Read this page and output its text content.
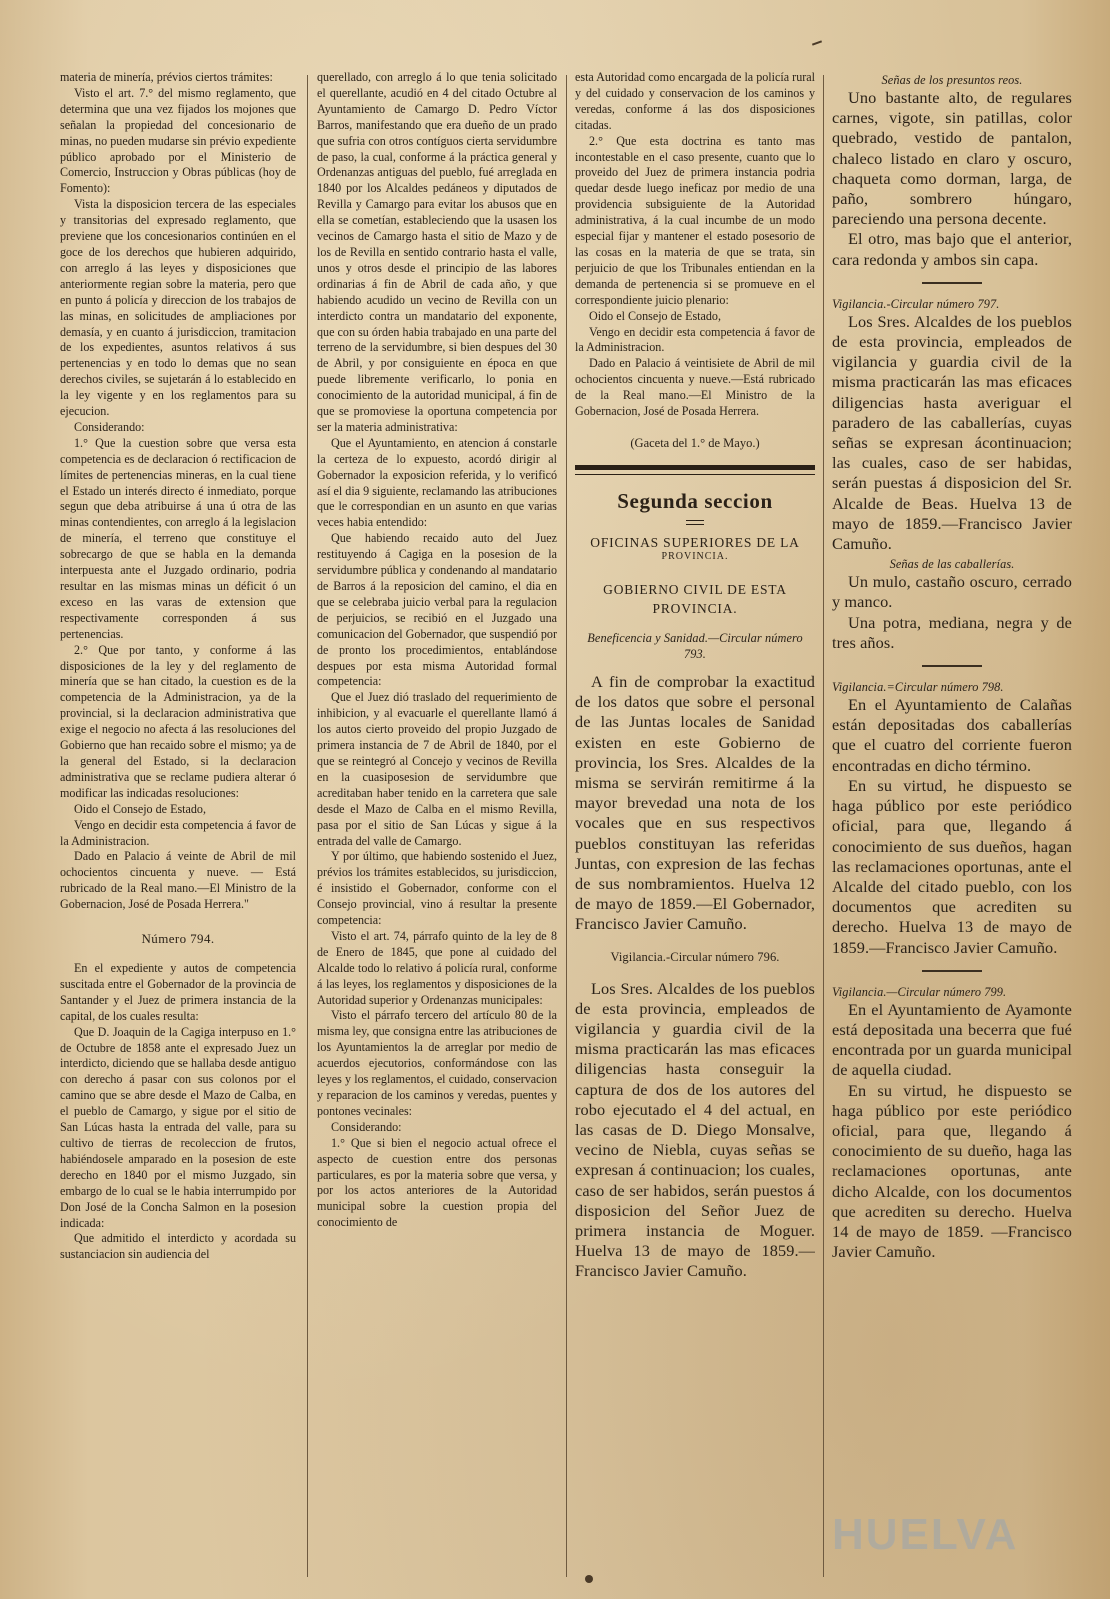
materia de minería, prévios ciertos trámites:

Visto el art. 7.° del mismo reglamento, que determina que una vez fijados los mojones que señalan la propiedad del concesionario de minas, no pueden mudarse sin prévio expediente público aprobado por el Ministerio de Comercio, Instruccion y Obras públicas (hoy de Fomento):

Vista la disposicion tercera de las especiales y transitorias del expresado reglamento, que previene que los concesionarios continúen en el goce de los derechos que hubieren adquirido, con arreglo á las leyes y disposiciones que anteriormente regian sobre la materia, pero que en punto á policía y direccion de los trabajos de las minas, en solicitudes de ampliaciones por demasía, y en cuanto á jurisdiccion, tramitacion de los expedientes, asuntos relativos á sus pertenencias y en todo lo demas que no sean derechos civiles, se sujetarán á lo establecido en la ley vigente y en los reglamentos para su ejecucion.

Considerando:

1.° Que la cuestion sobre que versa esta competencia es de declaracion ó rectificacion de límites de pertenencias mineras, en la cual tiene el Estado un interés directo é inmediato, porque segun que deba atribuirse á una ú otra de las minas contendientes, con arreglo á la legislacion de minería, el terreno que constituye el sobrecargo de que se habla en la demanda interpuesta ante el Juzgado ordinario, podria resultar en las mismas minas un déficit ó un exceso en las varas de extension que respectivamente corresponden á sus pertenencias.

2.° Que por tanto, y conforme á las disposiciones de la ley y del reglamento de minería que se han citado, la cuestion es de la competencia de la Administracion, ya de la provincial, si la declaracion administrativa que exige el negocio no afecta á las resoluciones del Gobierno que han recaido sobre el mismo; ya de la general del Estado, si la declaracion administrativa que se reclame pudiera alterar ó modificar las indicadas resoluciones:

Oido el Consejo de Estado,

Vengo en decidir esta competencia á favor de la Administracion.

Dado en Palacio á veinte de Abril de mil ochocientos cincuenta y nueve. — Está rubricado de la Real mano.—El Ministro de la Gobernacion, José de Posada Herrera."

Número 794.

En el expediente y autos de competencia suscitada entre el Gobernador de la provincia de Santander y el Juez de primera instancia de la capital, de los cuales resulta:

Que D. Joaquin de la Cagiga interpuso en 1.° de Octubre de 1858 ante el expresado Juez un interdicto, diciendo que se hallaba desde antiguo con derecho á pasar con sus colonos por el camino que se abre desde el Mazo de Calba, en el pueblo de Camargo, y sigue por el sitio de San Lúcas hasta la entrada del valle, para su cultivo de tierras de recoleccion de frutos, habiéndosele amparado en la posesion de este derecho en 1840 por el mismo Juzgado, sin embargo de lo cual se le habia interrumpido por Don José de la Concha Salmon en la posesion indicada:

Que admitido el interdicto y acordada su sustanciacion sin audiencia del

querellado, con arreglo á lo que tenia solicitado el querellante, acudió en 4 del citado Octubre al Ayuntamiento de Camargo D. Pedro Víctor Barros, manifestando que era dueño de un prado que sufria con otros contíguos cierta servidumbre de paso, la cual, conforme á la práctica general y Ordenanzas antiguas del pueblo, fué arreglada en 1840 por los Alcaldes pedáneos y diputados de Revilla y Camargo para evitar los abusos que en ella se cometían, estableciendo que la usasen los vecinos de Camargo hasta el sitio de Mazo y de los de Revilla en sentido contrario hasta el valle, unos y otros desde el principio de las labores ordinarias á fin de Abril de cada año, y que habiendo acudido un vecino de Revilla con un interdicto contra un mandatario del exponente, que con su órden habia trabajado en una parte del terreno de la servidumbre, si bien despues del 30 de Abril, y por consiguiente en época en que puede libremente verificarlo, lo ponia en conocimiento de la autoridad municipal, á fin de que se promoviese la oportuna competencia por ser la materia administrativa:

Que el Ayuntamiento, en atencion á constarle la certeza de lo expuesto, acordó dirigir al Gobernador la exposicion referida, y lo verificó así el dia 9 siguiente, reclamando las atribuciones que le correspondian en un asunto en que varias veces habia entendido:

Que habiendo recaido auto del Juez restituyendo á Cagiga en la posesion de la servidumbre pública y condenando al mandatario de Barros á la reposicion del camino, el dia en que se celebraba juicio verbal para la regulacion de perjuicios, se recibió en el Juzgado una comunicacion del Gobernador, que suspendió por de pronto los procedimientos, entablándose despues por esta misma Autoridad formal competencia:

Que el Juez dió traslado del requerimiento de inhibicion, y al evacuarle el querellante llamó á los autos cierto proveido del propio Juzgado de primera instancia de 7 de Abril de 1840, por el que se reintegró al Concejo y vecinos de Revilla en la cuasiposesion de servidumbre que acreditaban haber tenido en la carretera que sale desde el Mazo de Calba en el mismo Revilla, pasa por el sitio de San Lúcas y sigue á la entrada del valle de Camargo.

Y por último, que habiendo sostenido el Juez, prévios los trámites establecidos, su jurisdiccion, é insistido el Gobernador, conforme con el Consejo provincial, vino á resultar la presente competencia:

Visto el art. 74, párrafo quinto de la ley de 8 de Enero de 1845, que pone al cuidado del Alcalde todo lo relativo á policía rural, conforme á las leyes, los reglamentos y disposiciones de la Autoridad superior y Ordenanzas municipales:

Visto el párrafo tercero del artículo 80 de la misma ley, que consigna entre las atribuciones de los Ayuntamientos la de arreglar por medio de acuerdos ejecutorios, conformándose con las leyes y los reglamentos, el cuidado, conservacion y reparacion de los caminos y veredas, puentes y pontones vecinales:

Considerando:

1.° Que si bien el negocio actual ofrece el aspecto de cuestion entre dos personas particulares, es por la materia sobre que versa, y por los actos anteriores de la Autoridad municipal sobre la cuestion propia del conocimiento de

esta Autoridad como encargada de la policía rural y del cuidado y conservacion de los caminos y veredas, conforme á las dos disposiciones citadas.

2.° Que esta doctrina es tanto mas incontestable en el caso presente, cuanto que lo proveido del Juez de primera instancia podria quedar desde luego ineficaz por medio de una providencia subsiguiente de la Autoridad administrativa, á la cual incumbe de un modo especial fijar y mantener el estado posesorio de las cosas en la materia de que se trata, sin perjuicio de que los Tribunales entiendan en la demanda de pertenencia si se promueve en el correspondiente juicio plenario:

Oido el Consejo de Estado,

Vengo en decidir esta competencia á favor de la Administracion.

Dado en Palacio á veintisiete de Abril de mil ochocientos cincuenta y nueve.—Está rubricado de la Real mano.—El Ministro de la Gobernacion, José de Posada Herrera.

(Gaceta del 1.° de Mayo.)
Segunda seccion

OFICINAS SUPERIORES DE LA

PROVINCIA.

GOBIERNO CIVIL DE ESTA PROVINCIA.

Beneficencia y Sanidad.—Circular número 793.

A fin de comprobar la exactitud de los datos que sobre el personal de las Juntas locales de Sanidad existen en este Gobierno de provincia, los Sres. Alcaldes de la misma se servirán remitirme á la mayor brevedad una nota de los vocales que en sus respectivos pueblos constituyan las referidas Juntas, con expresion de las fechas de sus nombramientos. Huelva 12 de mayo de 1859.—El Gobernador, Francisco Javier Camuño.

Vigilancia.-Circular número 796.

Los Sres. Alcaldes de los pueblos de esta provincia, empleados de vigilancia y guardia civil de la misma practicarán las mas eficaces diligencias hasta conseguir la captura de dos de los autores del robo ejecutado el 4 del actual, en las casas de D. Diego Monsalve, vecino de Niebla, cuyas señas se expresan á continuacion; los cuales, caso de ser habidos, serán puestos á disposicion del Señor Juez de primera instancia de Moguer. Huelva 13 de mayo de 1859.—Francisco Javier Camuño.

Señas de los presuntos reos.

Uno bastante alto, de regulares carnes, vigote, sin patillas, color quebrado, vestido de pantalon, chaleco listado en claro y oscuro, chaqueta como dorman, larga, de paño, sombrero húngaro, pareciendo una persona decente.

El otro, mas bajo que el anterior, cara redonda y ambos sin capa.

Vigilancia.-Circular número 797.

Los Sres. Alcaldes de los pueblos de esta provincia, empleados de vigilancia y guardia civil de la misma practicarán las mas eficaces diligencias hasta averiguar el paradero de las caballerías, cuyas señas se expresan ácontinuacion; las cuales, caso de ser habidas, serán puestas á disposicion del Sr. Alcalde de Beas. Huelva 13 de mayo de 1859.—Francisco Javier Camuño.

Señas de las caballerías.

Un mulo, castaño oscuro, cerrado y manco.

Una potra, mediana, negra y de tres años.

Vigilancia.=Circular número 798.

En el Ayuntamiento de Calañas están depositadas dos caballerías que el cuatro del corriente fueron encontradas en dicho término.

En su virtud, he dispuesto se haga público por este periódico oficial, para que, llegando á conocimiento de sus dueños, hagan las reclamaciones oportunas, ante el Alcalde del citado pueblo, con los documentos que acrediten su derecho. Huelva 13 de mayo de 1859.—Francisco Javier Camuño.

Vigilancia.—Circular número 799.

En el Ayuntamiento de Ayamonte está depositada una becerra que fué encontrada por un guarda municipal de aquella ciudad.

En su virtud, he dispuesto se haga público por este periódico oficial, para que, llegando á conocimiento de su dueño, haga las reclamaciones oportunas, ante dicho Alcalde, con los documentos que acrediten su derecho. Huelva 14 de mayo de 1859. —Francisco Javier Camuño.

HUELVA
